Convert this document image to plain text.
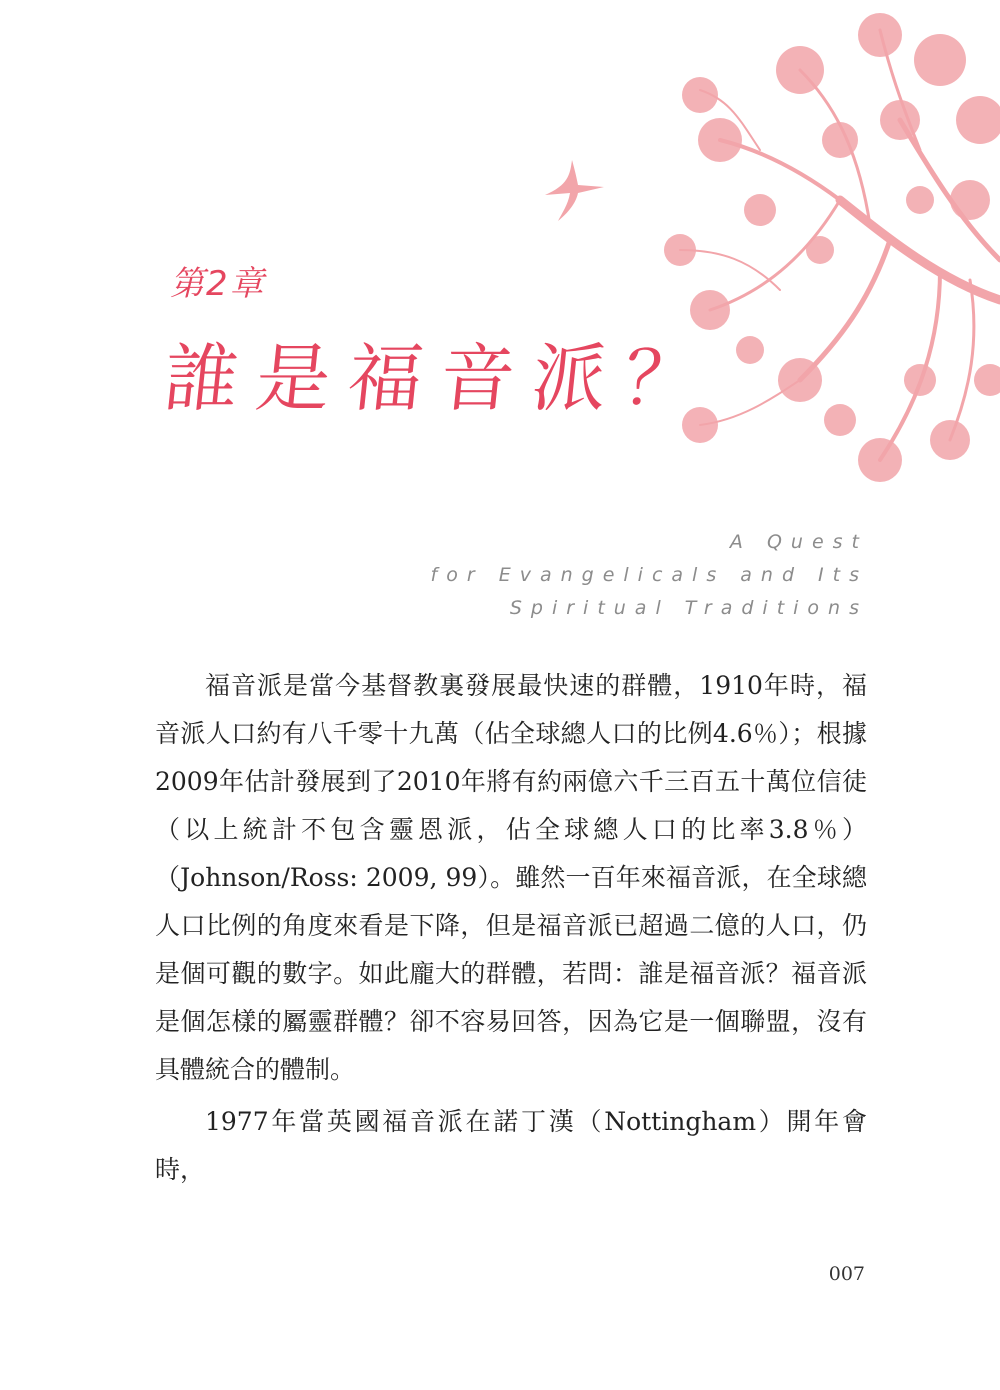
第2章
誰是福音派？
A Quest
for Evangelicals and Its
Spiritual Traditions

福音派是當今基督教裏發展最快速的群體，1910年時，福音派人口約有八千零十九萬（佔全球總人口的比例4.6％）；根據2009年估計發展到了2010年將有約兩億六千三百五十萬位信徒（以上統計不包含靈恩派，佔全球總人口的比率3.8％）（Johnson/Ross: 2009, 99）。雖然一百年來福音派，在全球總人口比例的角度來看是下降，但是福音派已超過二億的人口，仍是個可觀的數字。如此龐大的群體，若問：誰是福音派？福音派是個怎樣的屬靈群體？卻不容易回答，因為它是一個聯盟，沒有具體統合的體制。

1977年當英國福音派在諾丁漢（Nottingham）開年會時，

007
